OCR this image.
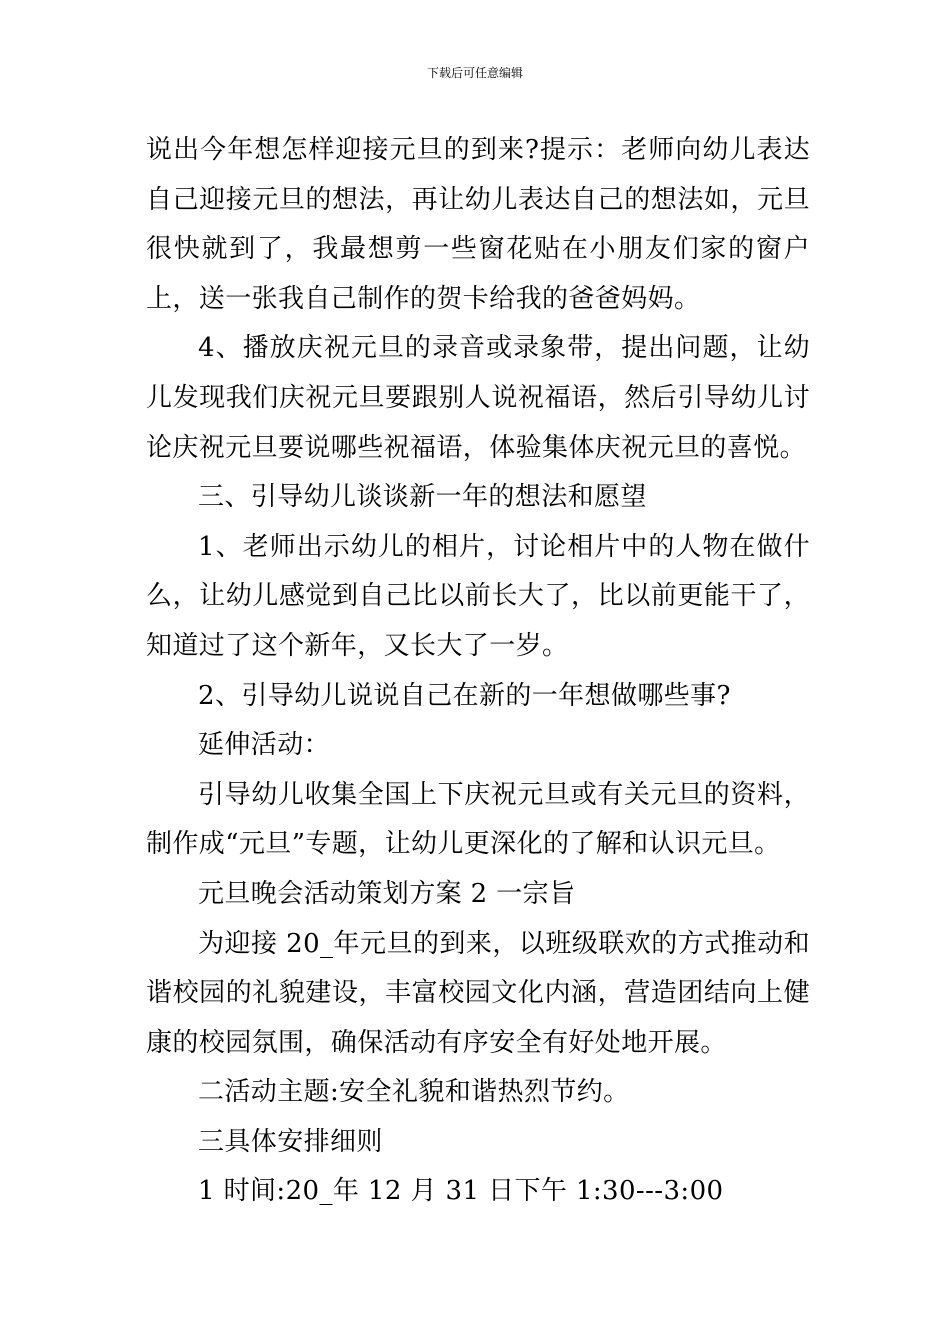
下载后可任意编辑

说出今年想怎样迎接元旦的到来?提示：老师向幼儿表达自己迎接元旦的想法，再让幼儿表达自己的想法如，元旦很快就到了，我最想剪一些窗花贴在小朋友们家的窗户上，送一张我自己制作的贺卡给我的爸爸妈妈。

4、播放庆祝元旦的录音或录象带，提出问题，让幼儿发现我们庆祝元旦要跟别人说祝福语，然后引导幼儿讨论庆祝元旦要说哪些祝福语，体验集体庆祝元旦的喜悦。

三、引导幼儿谈谈新一年的想法和愿望

1、老师出示幼儿的相片，讨论相片中的人物在做什么，让幼儿感觉到自己比以前长大了，比以前更能干了，知道过了这个新年，又长大了一岁。

2、引导幼儿说说自己在新的一年想做哪些事?

延伸活动：

引导幼儿收集全国上下庆祝元旦或有关元旦的资料，制作成“元旦”专题，让幼儿更深化的了解和认识元旦。

元旦晚会活动策划方案 2 一宗旨

为迎接 20_年元旦的到来，以班级联欢的方式推动和谐校园的礼貌建设，丰富校园文化内涵，营造团结向上健康的校园氛围，确保活动有序安全有好处地开展。

二活动主题:安全礼貌和谐热烈节约。

三具体安排细则

1 时间:20_年 12 月 31 日下午 1:30---3:00
